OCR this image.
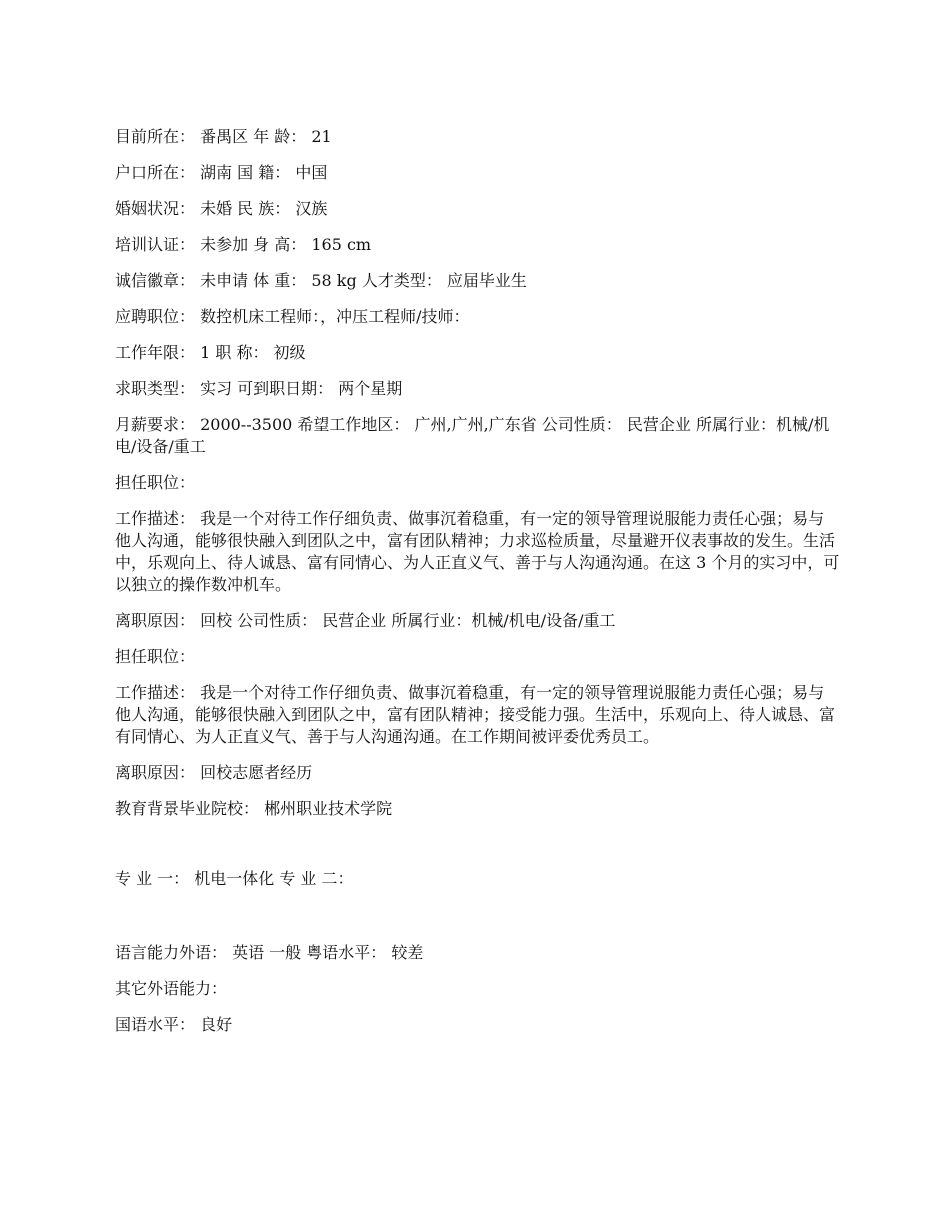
目前所在： 番禺区 年 龄： 21

户口所在： 湖南 国 籍： 中国

婚姻状况： 未婚 民 族： 汉族

培训认证： 未参加 身 高： 165 cm

诚信徽章： 未申请 体 重： 58 kg 人才类型： 应届毕业生

应聘职位： 数控机床工程师：，冲压工程师/技师：

工作年限： 1 职 称： 初级

求职类型： 实习 可到职日期： 两个星期

月薪要求： 2000--3500 希望工作地区： 广州,广州,广东省 公司性质： 民营企业 所属行业：机械/机电/设备/重工

担任职位：

工作描述： 我是一个对待工作仔细负责、做事沉着稳重，有一定的领导管理说服能力责任心强；易与他人沟通，能够很快融入到团队之中，富有团队精神；力求巡检质量，尽量避开仪表事故的发生。生活中，乐观向上、待人诚恳、富有同情心、为人正直义气、善于与人沟通沟通。在这 3 个月的实习中，可以独立的操作数冲机车。

离职原因： 回校 公司性质： 民营企业 所属行业：机械/机电/设备/重工

担任职位：

工作描述： 我是一个对待工作仔细负责、做事沉着稳重，有一定的领导管理说服能力责任心强；易与他人沟通，能够很快融入到团队之中，富有团队精神；接受能力强。生活中，乐观向上、待人诚恳、富有同情心、为人正直义气、善于与人沟通沟通。在工作期间被评委优秀员工。

离职原因： 回校志愿者经历

教育背景毕业院校： 郴州职业技术学院

专 业 一： 机电一体化 专 业 二：

语言能力外语： 英语 一般 粤语水平： 较差

其它外语能力：

国语水平： 良好
